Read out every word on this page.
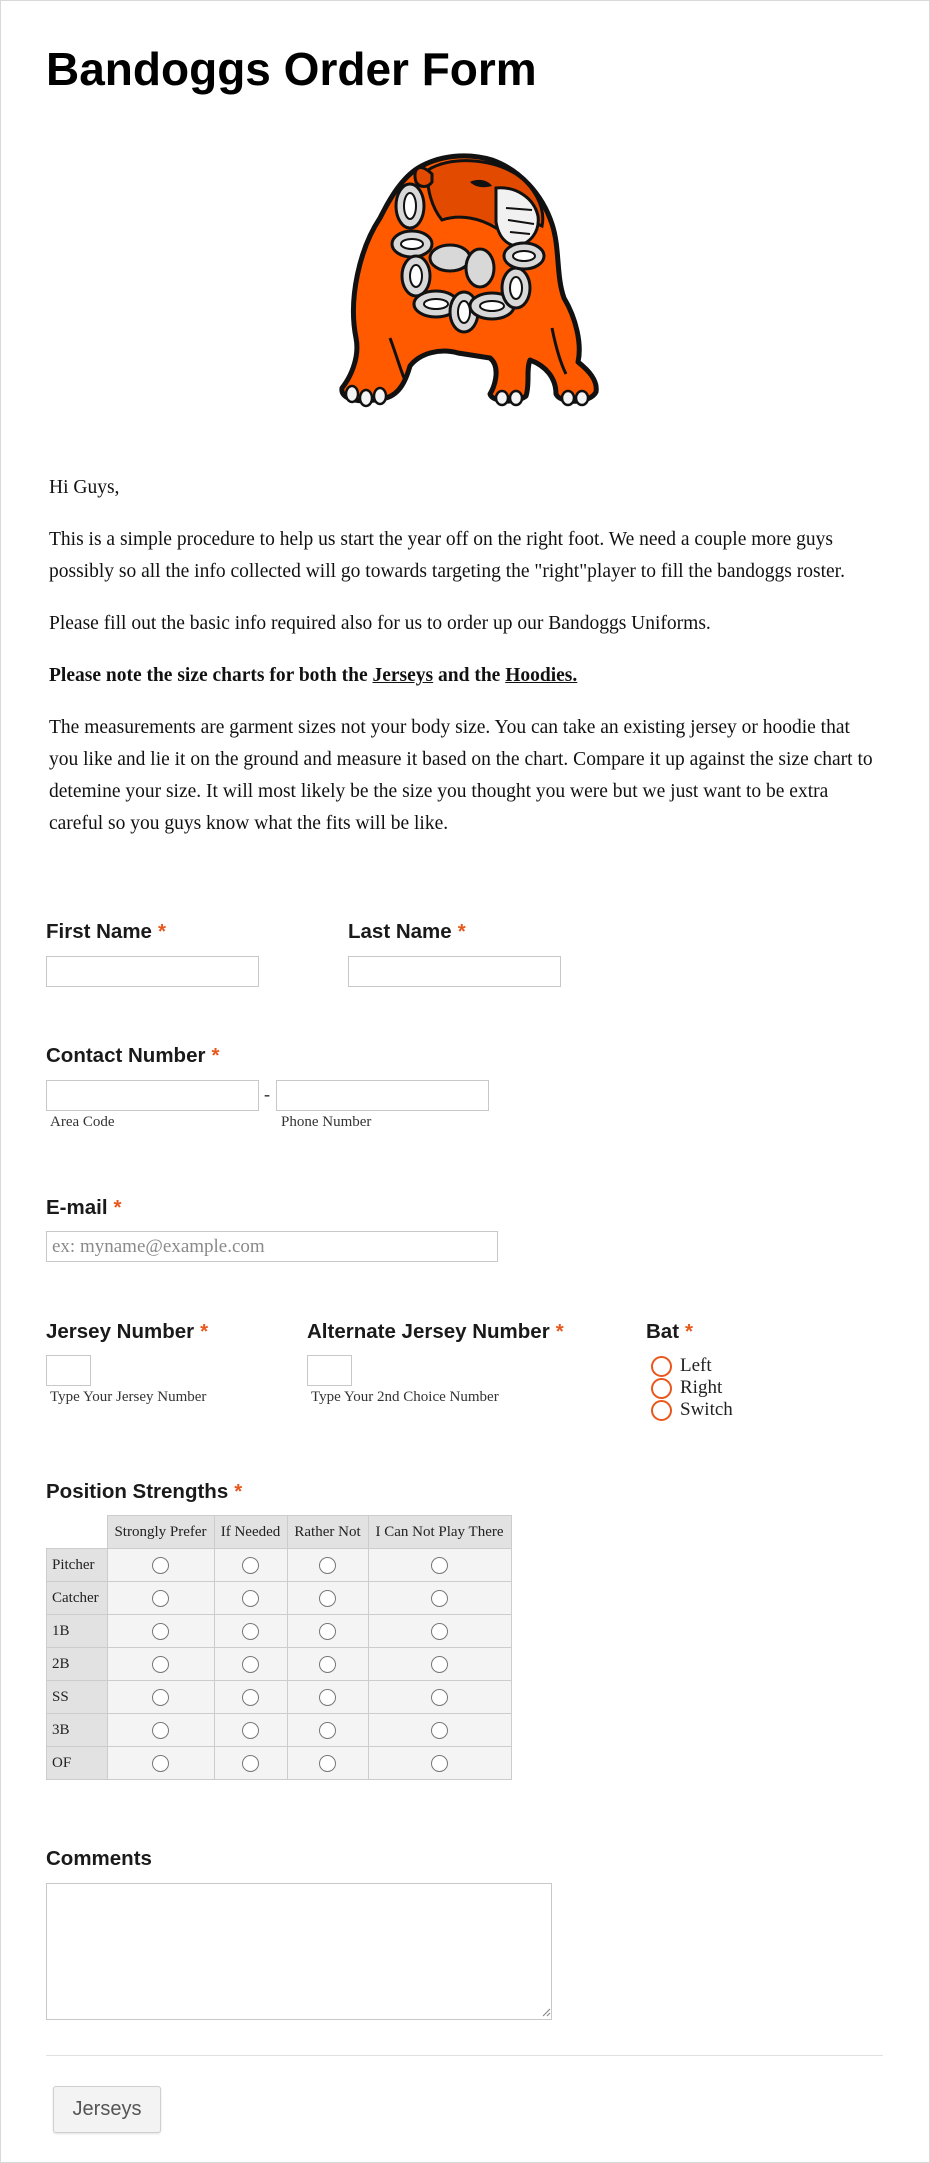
Bandoggs Order Form

Hi Guys,

This is a simple procedure to help us start the year off on the right foot. We need a couple more guys possibly so all the info collected will go towards targeting the "right"player to fill the bandoggs roster.

Please fill out the basic info required also for us to order up our Bandoggs Uniforms.

Please note the size charts for both the Jerseys and the Hoodies.

The measurements are garment sizes not your body size. You can take an existing jersey or hoodie that you like and lie it on the ground and measure it based on the chart. Compare it up against the size chart to detemine your size. It will most likely be the size you thought you were but we just want to be extra careful so you guys know what the fits will be like.

First Name *	Last Name *
Contact Number *
-
Area Code	Phone Number
E-mail *
ex: myname@example.com
Jersey Number *
Type Your Jersey Number
Alternate Jersey Number *
Type Your 2nd Choice Number
Bat *
Left
Right
Switch
Position Strengths *
	Strongly Prefer	If Needed	Rather Not	I Can Not Play There
Pitcher				
Catcher				
1B				
2B				
SS				
3B				
OF				
Comments
Jerseys
